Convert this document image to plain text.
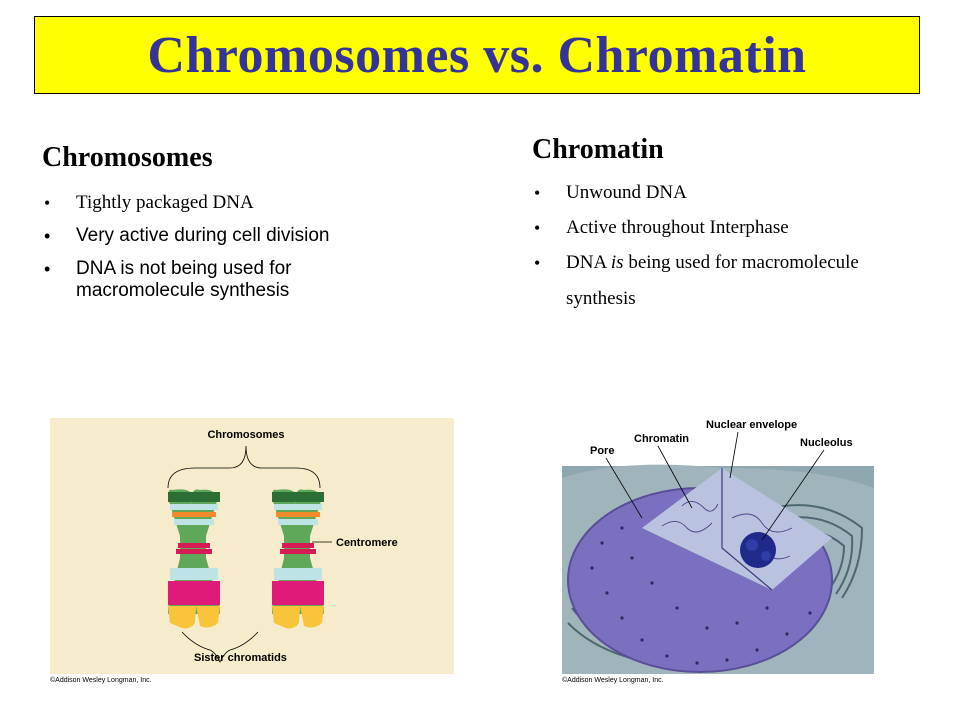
Chromosomes vs. Chromatin
Chromosomes
• Tightly packaged DNA
• Very active during cell division
• DNA is not being used for
macromolecule synthesis
Chromatin
• Unwound DNA
• Active throughout Interphase
• DNA is being used for macromolecule
synthesis
Chromosomes
Centromere
Sister chromatids
©Addison Wesley Longman, Inc.
Pore
Chromatin
Nuclear envelope
Nucleolus
©Addison Wesley Longman, Inc.
